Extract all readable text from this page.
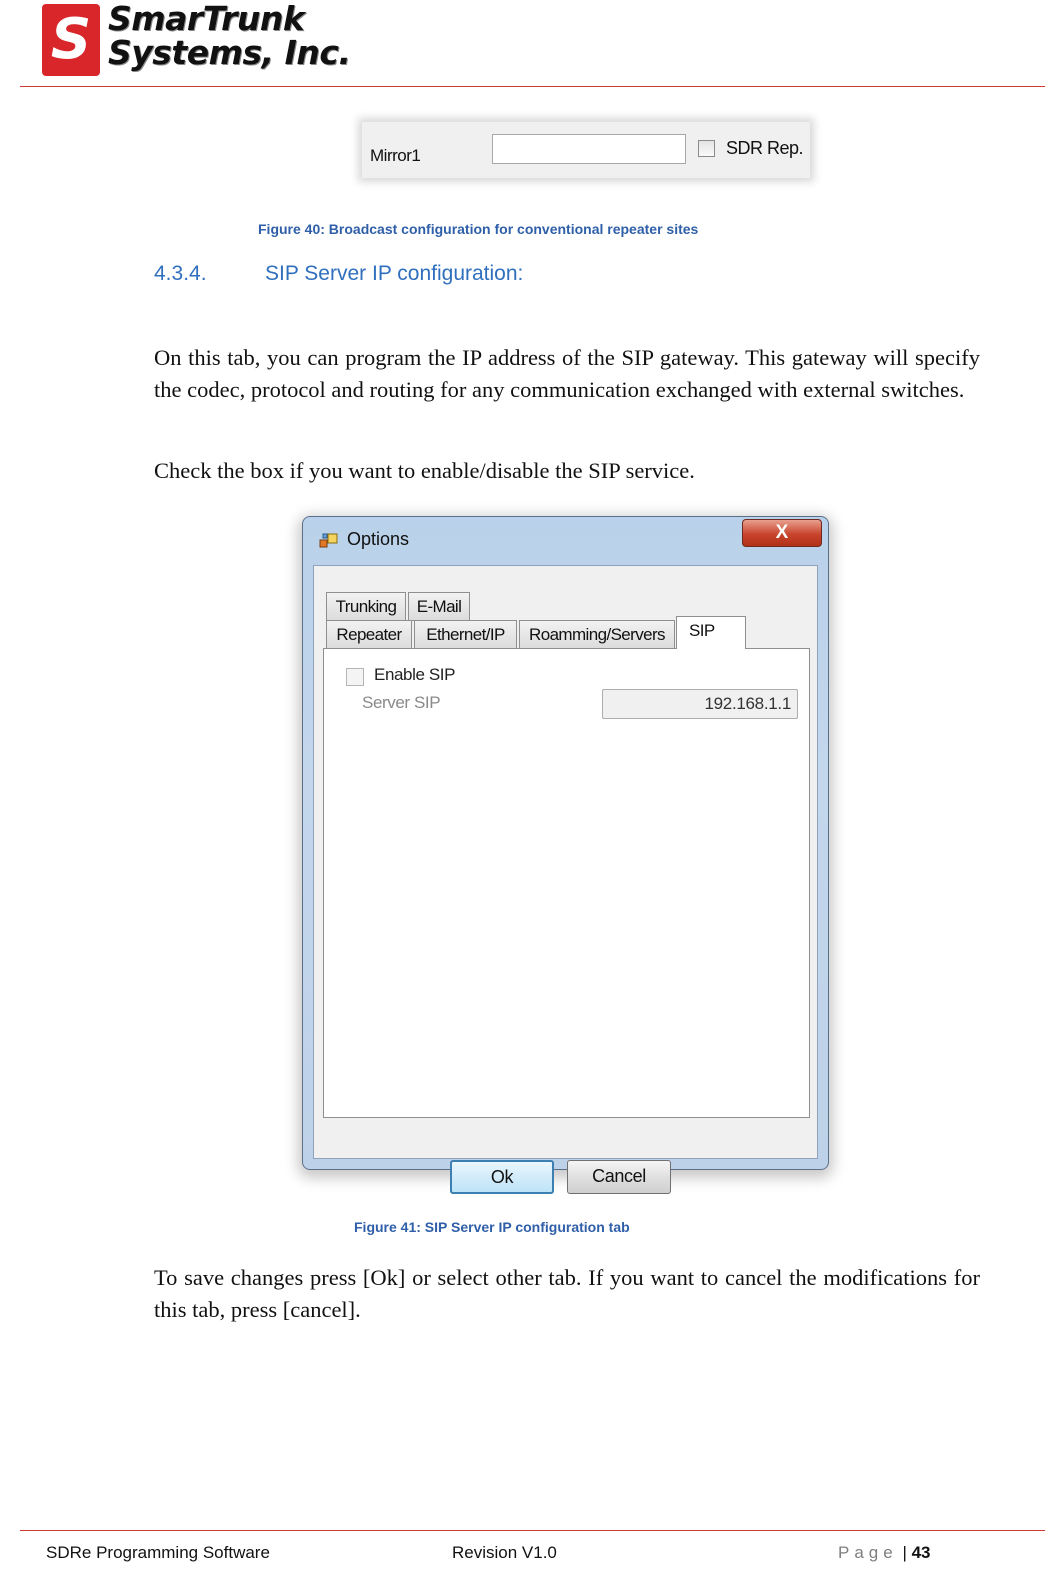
S SmarTrunk
Systems, Inc.
Mirror1	SDR Rep.
Figure 40: Broadcast configuration for conventional repeater sites
4.3.4.	SIP Server IP configuration:
On this tab, you can program the IP address of the SIP gateway. This gateway will specify the codec, protocol and routing for any communication exchanged with external switches.
Check the box if you want to enable/disable the SIP service.
Options	X
Trunking	E-Mail
Repeater	Ethernet/IP	Roamming/Servers
Enable SIP
Server SIP	192.168.1.1
SIP
Ok	Cancel
Figure 41: SIP Server IP configuration tab
To save changes press [Ok] or select other tab. If you want to cancel the modifications for this tab, press [cancel].
SDRe Programming Software	Revision V1.0	Page | 43
